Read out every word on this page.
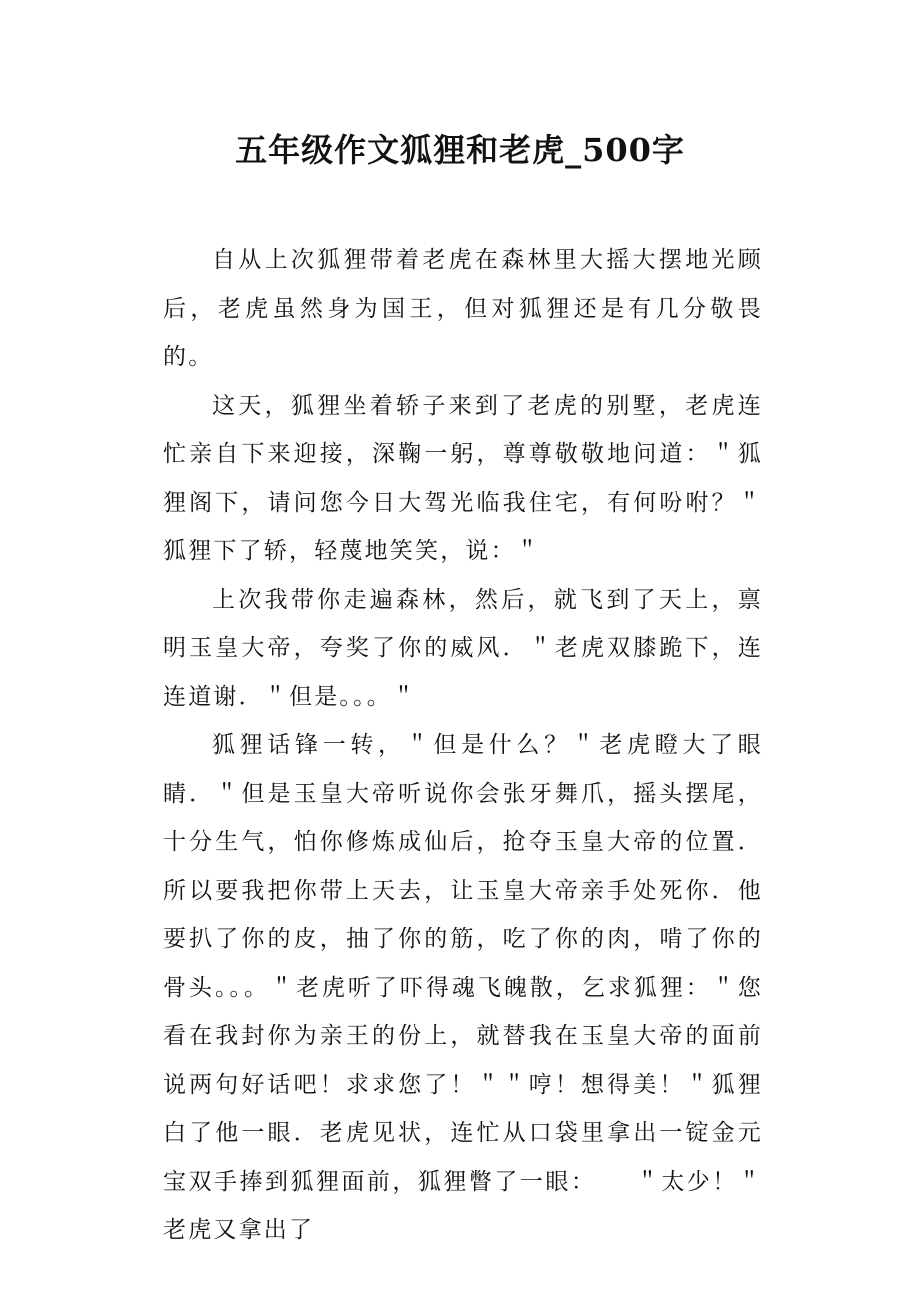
五年级作文狐狸和老虎_500字

自从上次狐狸带着老虎在森林里大摇大摆地光顾后，老虎虽然身为国王，但对狐狸还是有几分敬畏的。

这天，狐狸坐着轿子来到了老虎的别墅，老虎连忙亲自下来迎接，深鞠一躬，尊尊敬敬地问道：＂狐狸阁下，请问您今日大驾光临我住宅，有何吩咐？＂狐狸下了轿，轻蔑地笑笑，说：＂

上次我带你走遍森林，然后，就飞到了天上，禀明玉皇大帝，夸奖了你的威风．＂老虎双膝跪下，连连道谢．＂但是。。。＂

狐狸话锋一转，＂但是什么？＂老虎瞪大了眼睛．＂但是玉皇大帝听说你会张牙舞爪，摇头摆尾，十分生气，怕你修炼成仙后，抢夺玉皇大帝的位置．所以要我把你带上天去，让玉皇大帝亲手处死你．他要扒了你的皮，抽了你的筋，吃了你的肉，啃了你的骨头。。。＂老虎听了吓得魂飞魄散，乞求狐狸：＂您看在我封你为亲王的份上，就替我在玉皇大帝的面前说两句好话吧！求求您了！＂＂哼！想得美！＂狐狸白了他一眼．老虎见状，连忙从口袋里拿出一锭金元宝双手捧到狐狸面前，狐狸瞥了一眼：　　＂太少！＂老虎又拿出了
